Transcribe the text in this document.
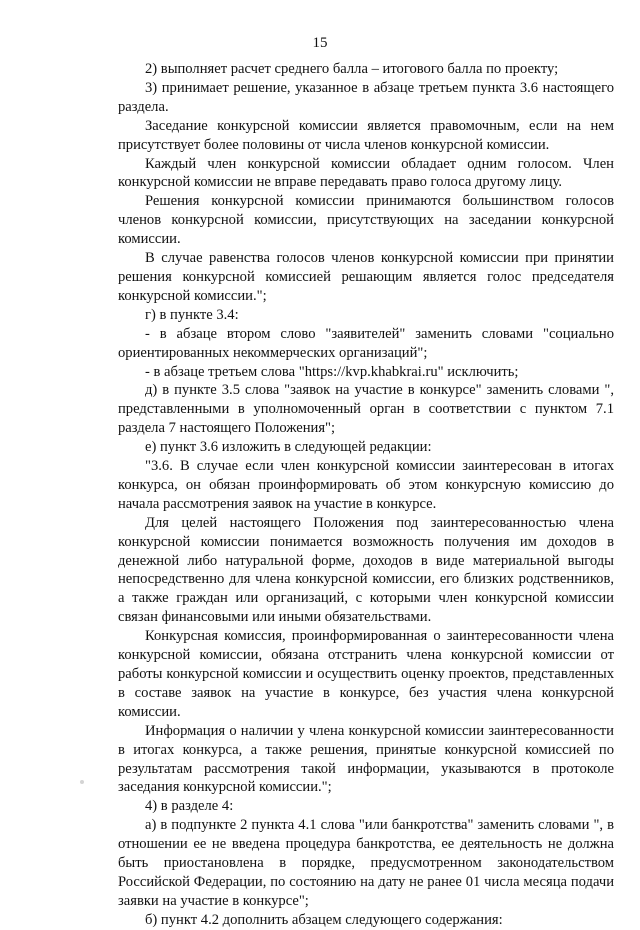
15

2) выполняет расчет среднего балла – итогового балла по проекту;

3) принимает решение, указанное в абзаце третьем пункта 3.6 настоящего раздела.

Заседание конкурсной комиссии является правомочным, если на нем присутствует более половины от числа членов конкурсной комиссии.

Каждый член конкурсной комиссии обладает одним голосом. Член конкурсной комиссии не вправе передавать право голоса другому лицу.

Решения конкурсной комиссии принимаются большинством голосов членов конкурсной комиссии, присутствующих на заседании конкурсной комиссии.

В случае равенства голосов членов конкурсной комиссии при принятии решения конкурсной комиссией решающим является голос председателя конкурсной комиссии.";

г) в пункте 3.4:

- в абзаце втором слово "заявителей" заменить словами "социально ориентированных некоммерческих организаций";

- в абзаце третьем слова "https://kvp.khabkrai.ru" исключить;

д) в пункте 3.5 слова "заявок на участие в конкурсе" заменить словами ", представленными в уполномоченный орган в соответствии с пунктом 7.1 раздела 7 настоящего Положения";

е) пункт 3.6 изложить в следующей редакции:

"3.6. В случае если член конкурсной комиссии заинтересован в итогах конкурса, он обязан проинформировать об этом конкурсную комиссию до начала рассмотрения заявок на участие в конкурсе.

Для целей настоящего Положения под заинтересованностью члена конкурсной комиссии понимается возможность получения им доходов в денежной либо натуральной форме, доходов в виде материальной выгоды непосредственно для члена конкурсной комиссии, его близких родственников, а также граждан или организаций, с которыми член конкурсной комиссии связан финансовыми или иными обязательствами.

Конкурсная комиссия, проинформированная о заинтересованности члена конкурсной комиссии, обязана отстранить члена конкурсной комиссии от работы конкурсной комиссии и осуществить оценку проектов, представленных в составе заявок на участие в конкурсе, без участия члена конкурсной комиссии.

Информация о наличии у члена конкурсной комиссии заинтересованности в итогах конкурса, а также решения, принятые конкурсной комиссией по результатам рассмотрения такой информации, указываются в протоколе заседания конкурсной комиссии.";

4) в разделе 4:

а) в подпункте 2 пункта 4.1 слова "или банкротства" заменить словами ", в отношении ее не введена процедура банкротства, ее деятельность не должна быть приостановлена в порядке, предусмотренном законодательством Российской Федерации, по состоянию на дату не ранее 01 числа месяца подачи заявки на участие в конкурсе";

б) пункт 4.2 дополнить абзацем следующего содержания:
